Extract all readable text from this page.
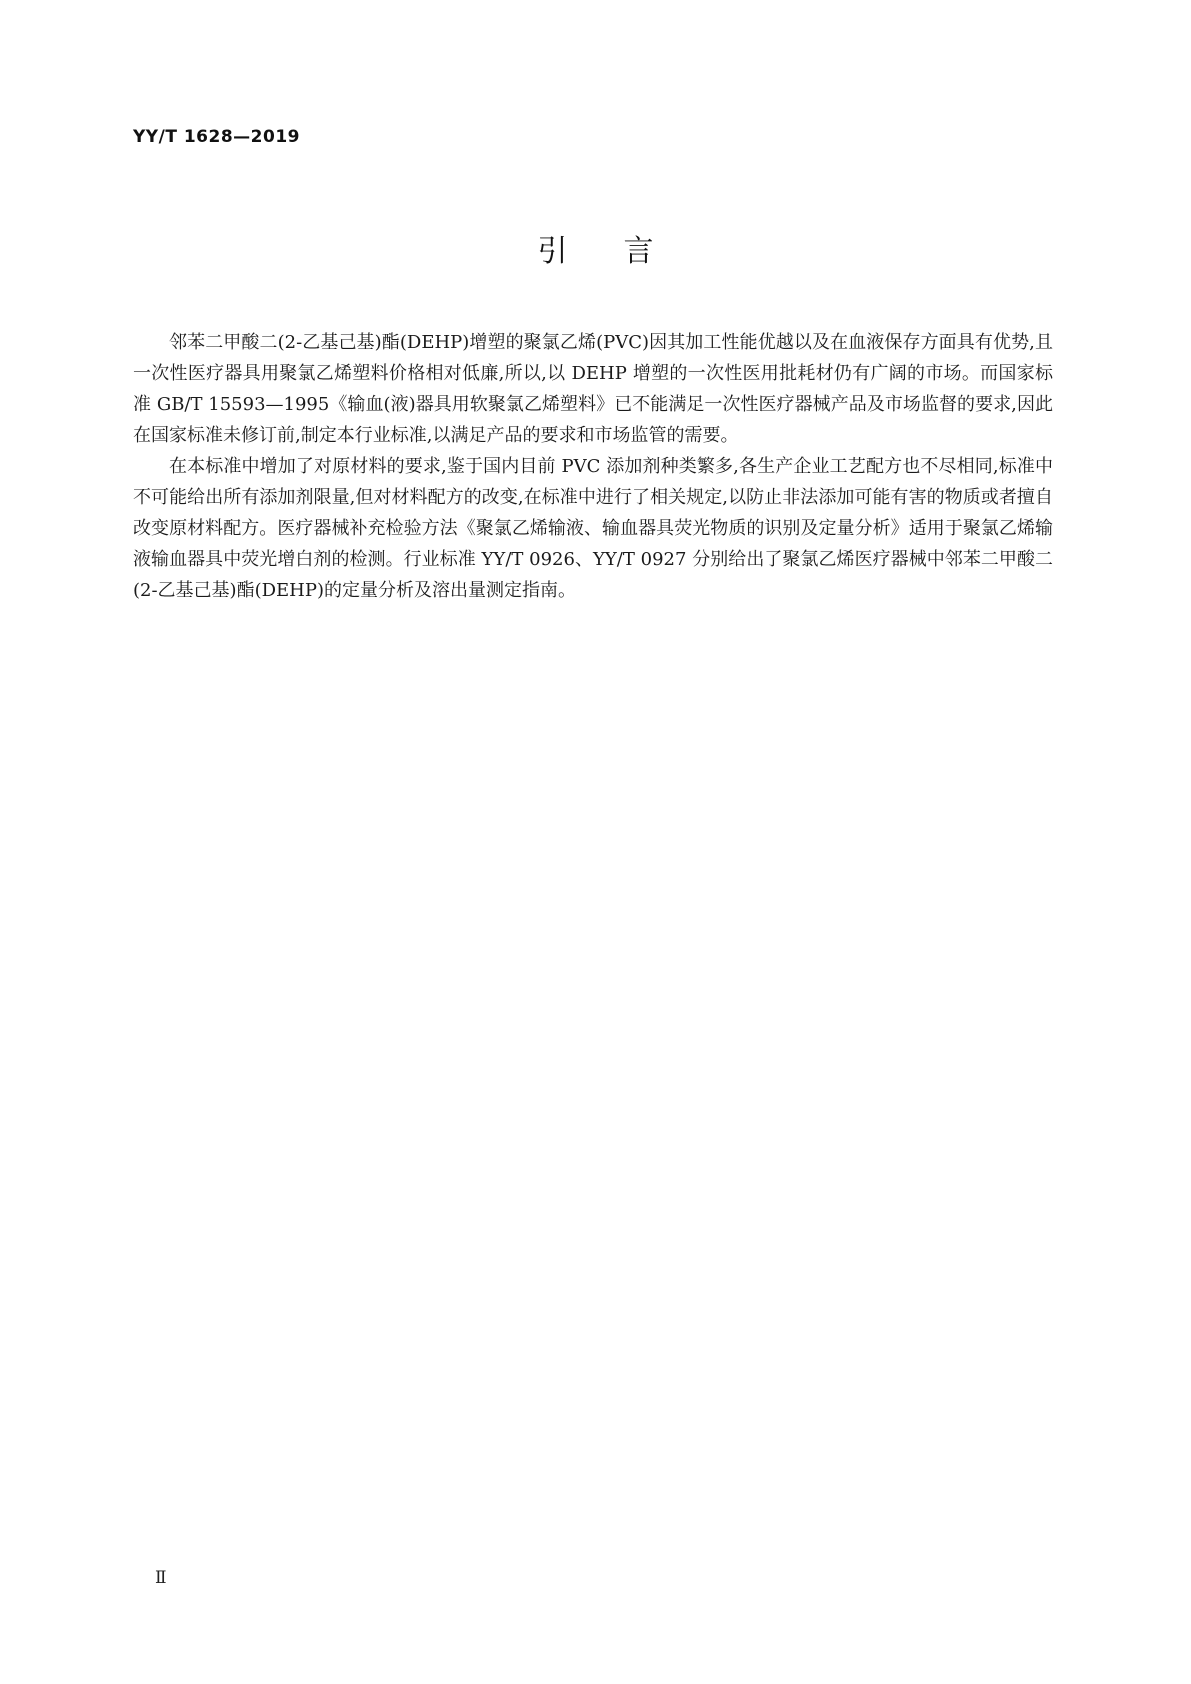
YY/T 1628—2019
引言

邻苯二甲酸二(2-乙基己基)酯(DEHP)增塑的聚氯乙烯(PVC)因其加工性能优越以及在血液保存方面具有优势,且一次性医疗器具用聚氯乙烯塑料价格相对低廉,所以,以 DEHP 增塑的一次性医用批耗材仍有广阔的市场。而国家标准 GB/T 15593—1995《输血(液)器具用软聚氯乙烯塑料》已不能满足一次性医疗器械产品及市场监督的要求,因此在国家标准未修订前,制定本行业标准,以满足产品的要求和市场监管的需要。

在本标准中增加了对原材料的要求,鉴于国内目前 PVC 添加剂种类繁多,各生产企业工艺配方也不尽相同,标准中不可能给出所有添加剂限量,但对材料配方的改变,在标准中进行了相关规定,以防止非法添加可能有害的物质或者擅自改变原材料配方。医疗器械补充检验方法《聚氯乙烯输液、输血器具荧光物质的识别及定量分析》适用于聚氯乙烯输液输血器具中荧光增白剂的检测。行业标准 YY/T 0926、YY/T 0927 分别给出了聚氯乙烯医疗器械中邻苯二甲酸二(2-乙基己基)酯(DEHP)的定量分析及溶出量测定指南。

Ⅱ
